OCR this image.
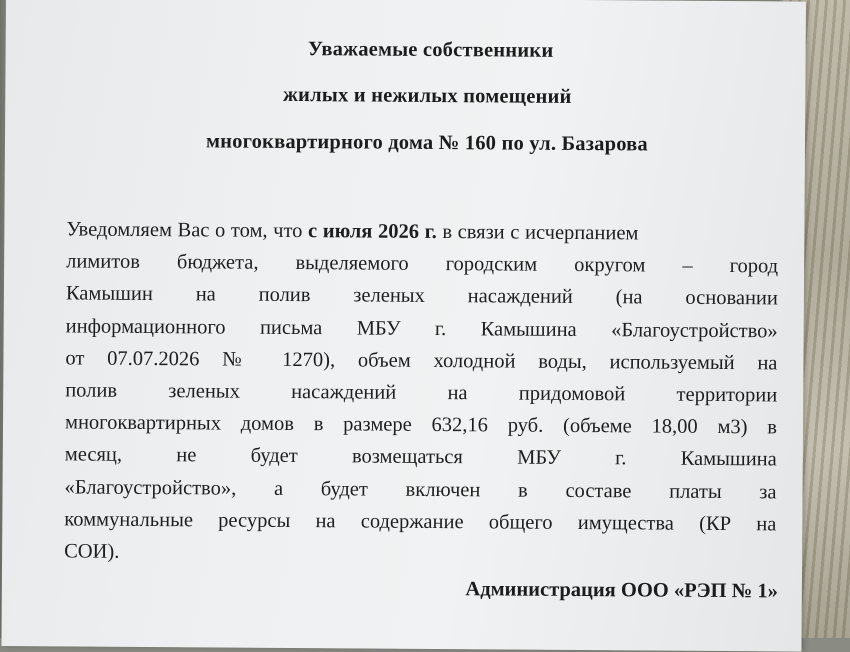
Уважаемые собственники
жилых и нежилых помещений
многоквартирного дома № 160 по ул. Базарова
Уведомляем Вас о том, что с июля 2026 г. в связи с исчерпанием
лимитов бюджета, выделяемого городским округом – город
Камышин на полив зеленых насаждений (на основании
информационного письма МБУ г. Камышина «Благоустройство»
от 07.07.2026 № 1270), объем холодной воды, используемый на
полив зеленых насаждений на придомовой территории
многоквартирных домов в размере 632,16 руб. (объеме 18,00 м3) в
месяц, не будет возмещаться МБУ г. Камышина
«Благоустройство», а будет включен в составе платы за
коммунальные ресурсы на содержание общего имущества (КР на
СОИ).
Администрация ООО «РЭП № 1»
